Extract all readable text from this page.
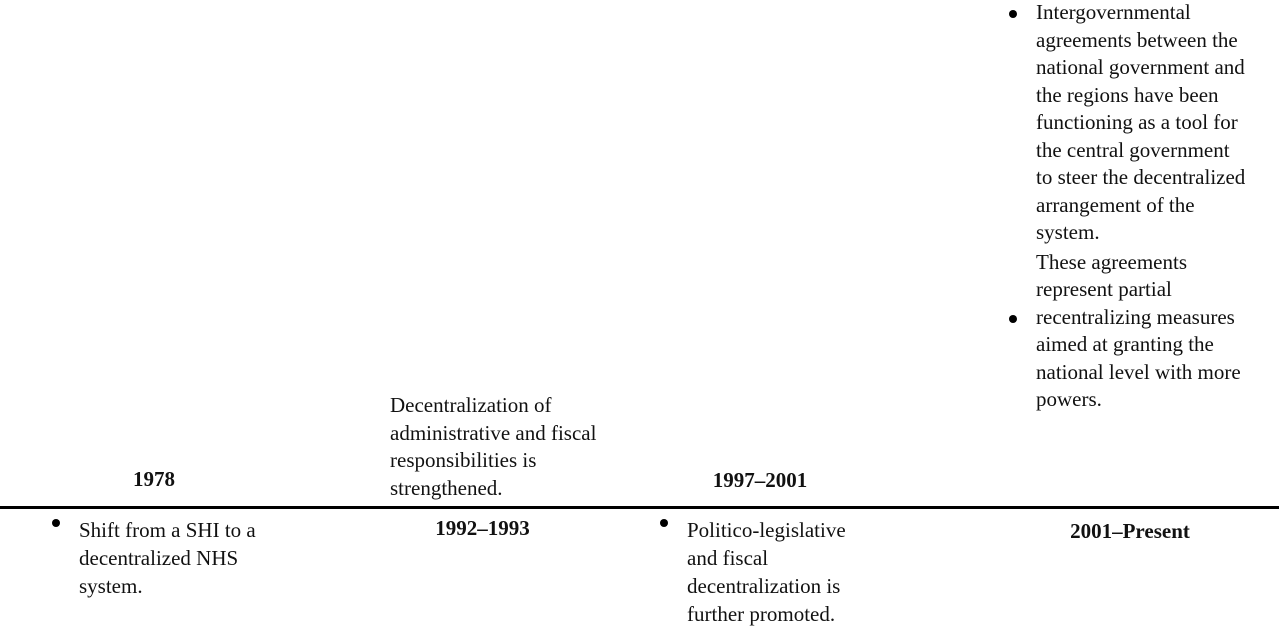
1978
Shift from a SHI to a decentralized NHS system.
Decentralization of administrative and fiscal responsibilities is strengthened.
1992–1993
1997–2001
Politico-legislative and fiscal decentralization is further promoted.
Intergovernmental agreements between the national government and the regions have been functioning as a tool for the central government to steer the decentralized arrangement of the system.
These agreements represent partial recentralizing measures aimed at granting the national level with more powers.
2001–Present
